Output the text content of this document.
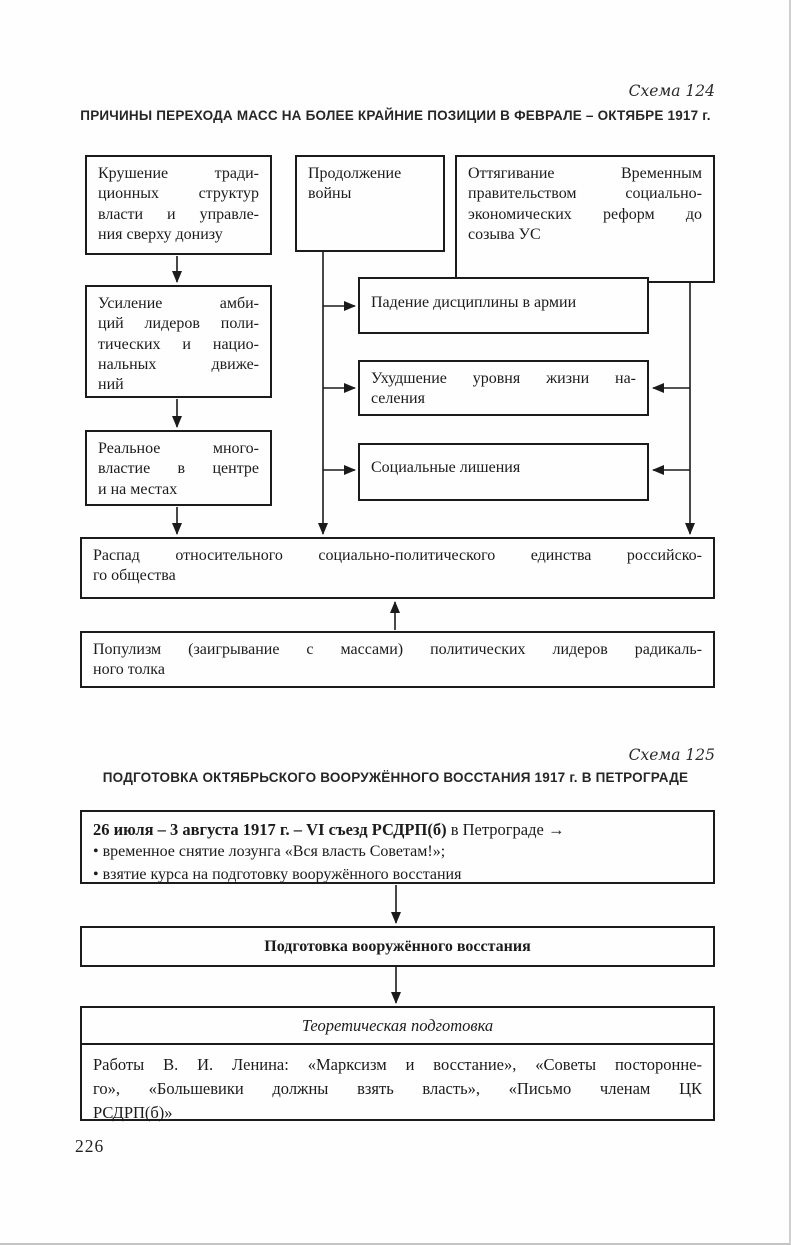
Схема 124
ПРИЧИНЫ ПЕРЕХОДА МАСС НА БОЛЕЕ КРАЙНИЕ ПОЗИЦИИ В ФЕВРАЛЕ – ОКТЯБРЕ 1917 г.
Крушение тради-
ционных структур
власти и управле-
ния сверху донизу
Продолжение
войны
Оттягивание Временным
правительством социально-
экономических реформ до
созыва УС
Усиление амби-
ций лидеров поли-
тических и нацио-
нальных движе-
ний
Реальное много-
властие в центре
и на местах
Падение дисциплины в армии
Ухудшение уровня жизни на-
селения
Социальные лишения
Распад относительного социально-политического единства российско-
го общества
Популизм (заигрывание с массами) политических лидеров радикаль-
ного толка
Схема 125
ПОДГОТОВКА ОКТЯБРЬСКОГО ВООРУЖЁННОГО ВОССТАНИЯ 1917 г. В ПЕТРОГРАДЕ
26 июля – 3 августа 1917 г. – VI съезд РСДРП(б) в Петрограде →
• временное снятие лозунга «Вся власть Советам!»;
• взятие курса на подготовку вооружённого восстания
Подготовка вооружённого восстания
Теоретическая подготовка
Работы В. И. Ленина: «Марксизм и восстание», «Советы посторонне-
го», «Большевики должны взять власть», «Письмо членам ЦК
РСДРП(б)»
226
